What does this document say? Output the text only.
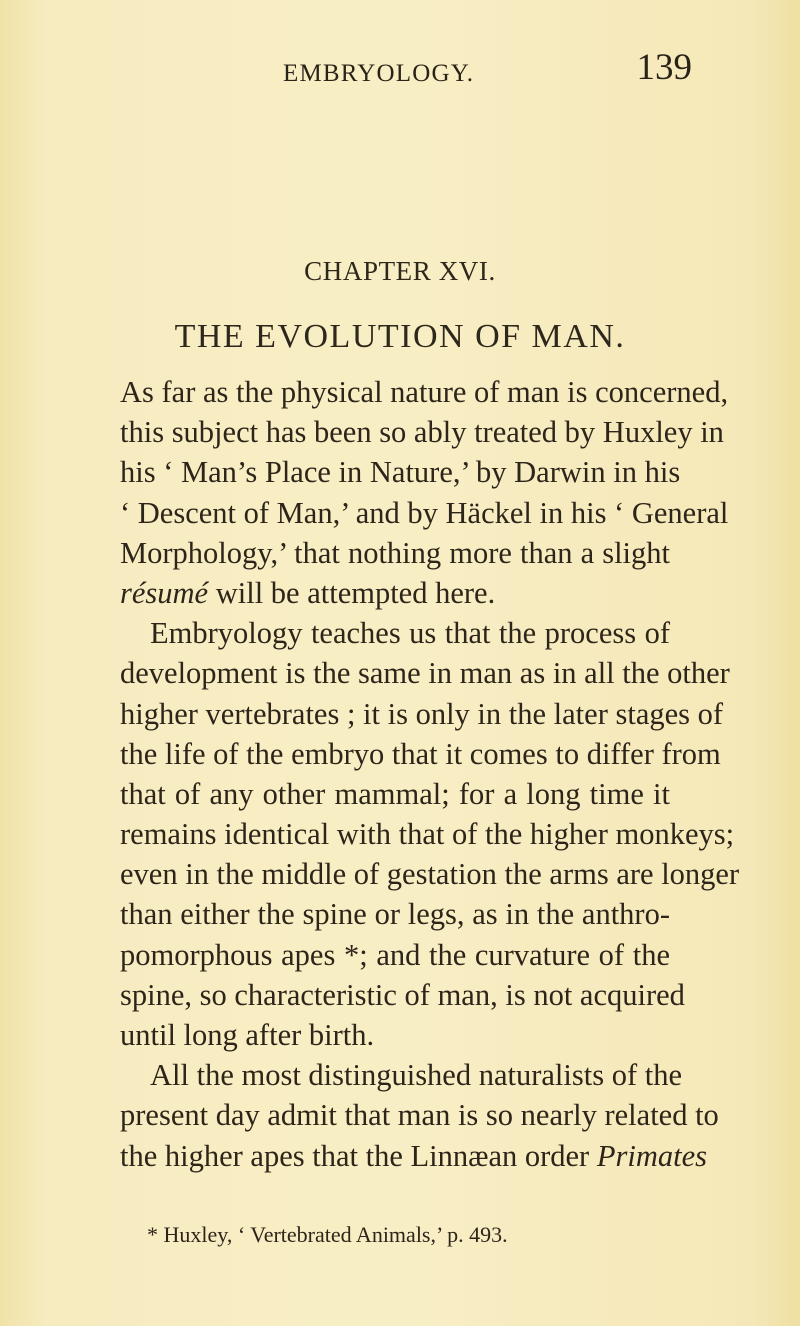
EMBRYOLOGY.	139
CHAPTER XVI.
THE EVOLUTION OF MAN.
As far as the physical nature of man is concerned,
this subject has been so ably treated by Huxley in
his ‘ Man’s Place in Nature,’ by Darwin in his
‘ Descent of Man,’ and by Häckel in his ‘ General
Morphology,’ that nothing more than a slight
résumé will be attempted here.
Embryology teaches us that the process of
development is the same in man as in all the other
higher vertebrates ; it is only in the later stages of
the life of the embryo that it comes to differ from
that of any other mammal; for a long time it
remains identical with that of the higher monkeys;
even in the middle of gestation the arms are longer
than either the spine or legs, as in the anthro-
pomorphous apes *; and the curvature of the
spine, so characteristic of man, is not acquired
until long after birth.
All the most distinguished naturalists of the
present day admit that man is so nearly related to
the higher apes that the Linnæan order Primates
* Huxley, ‘ Vertebrated Animals,’ p. 493.
